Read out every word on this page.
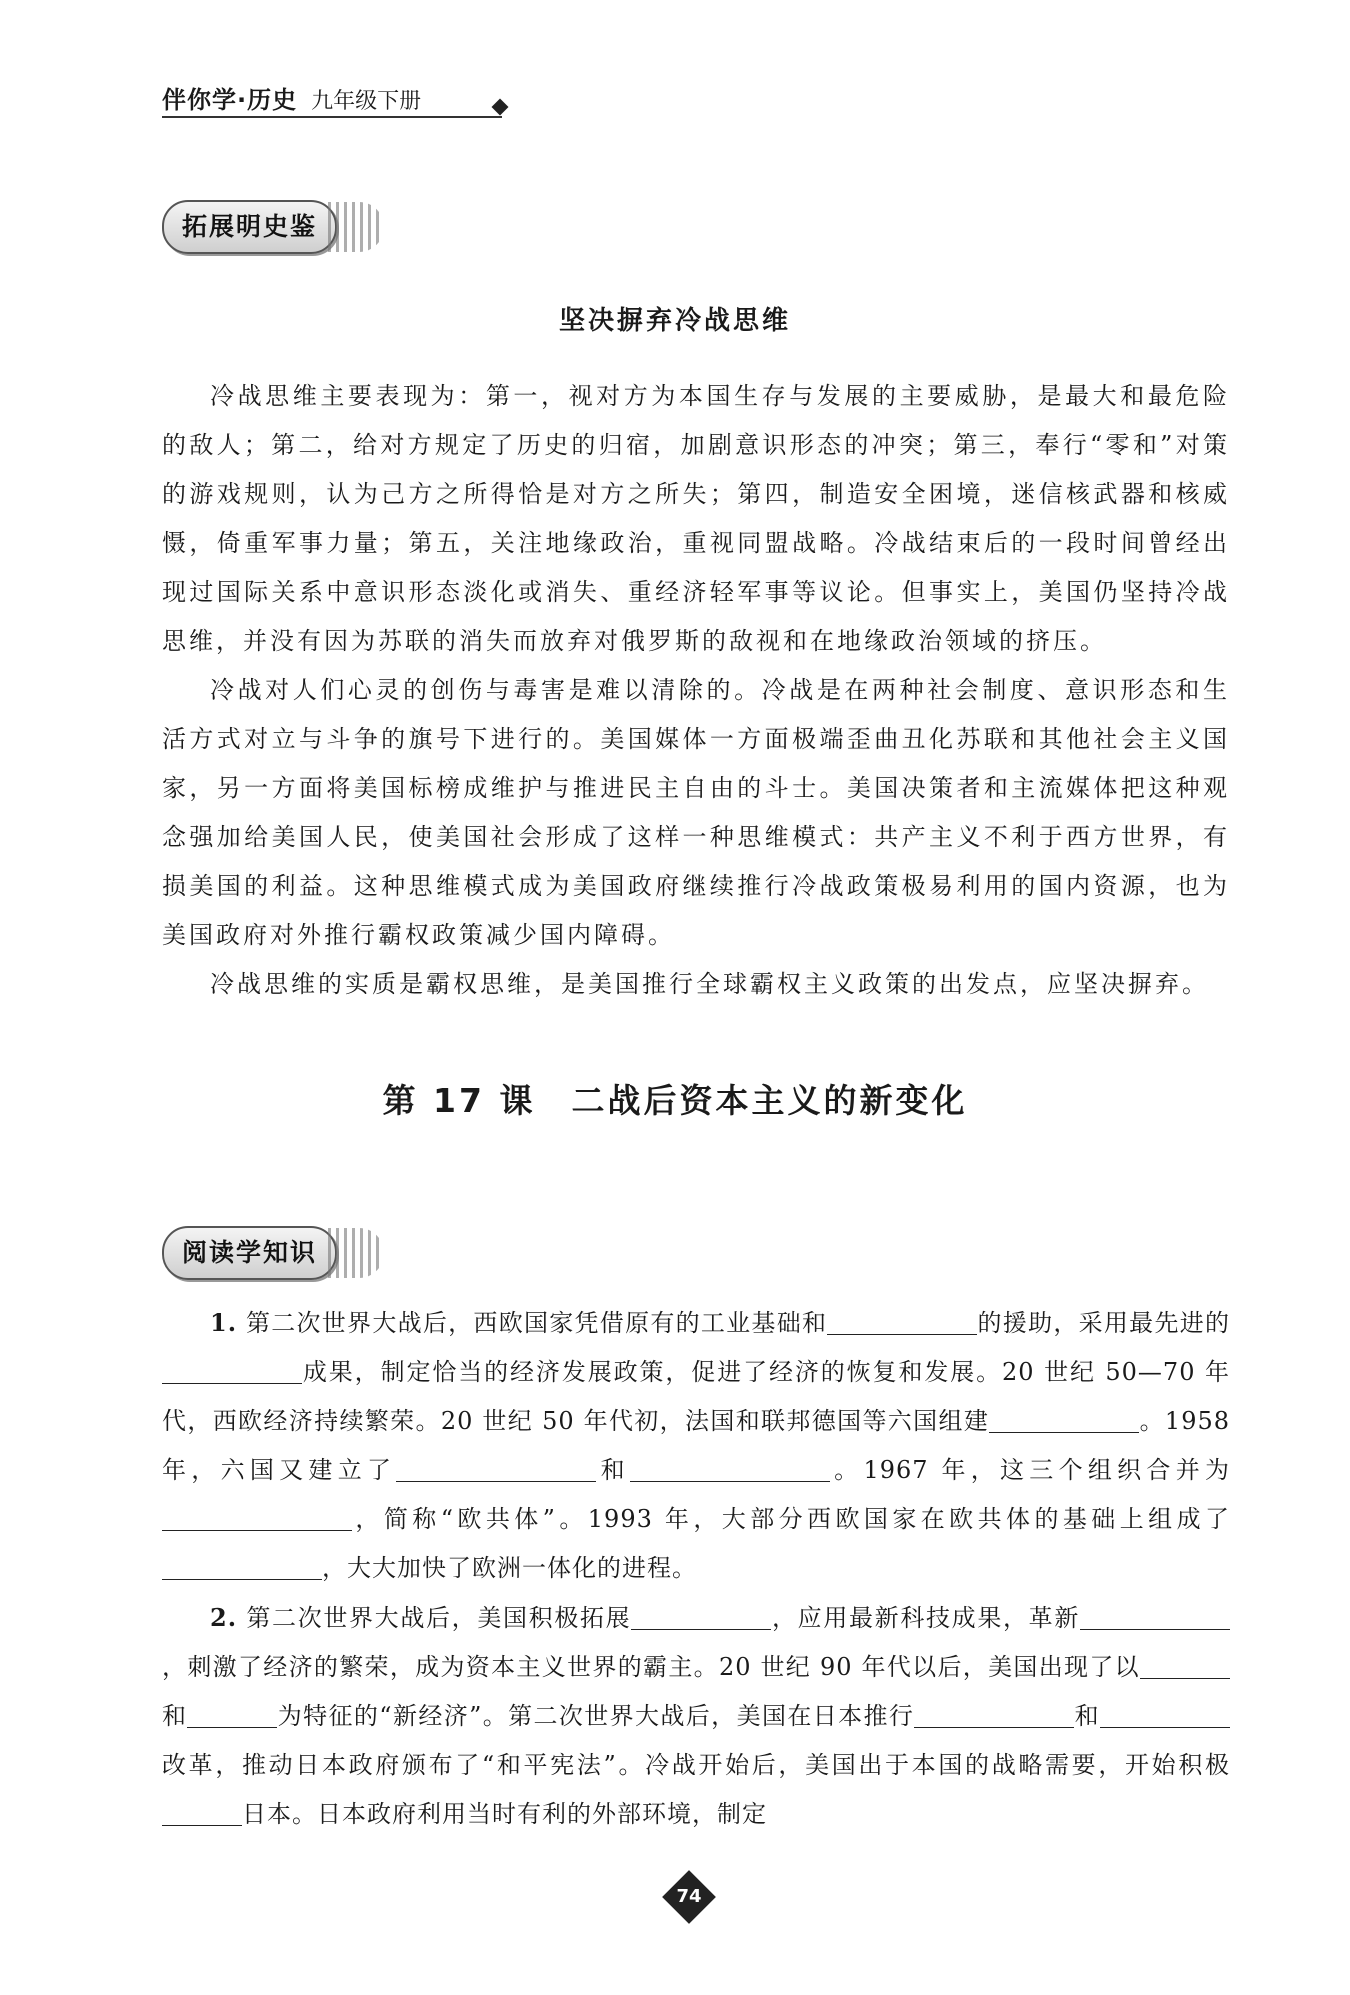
伴你学·历史 九年级下册
拓展明史鉴
坚决摒弃冷战思维

冷战思维主要表现为：第一，视对方为本国生存与发展的主要威胁，是最大和最危险的敌人；第二，给对方规定了历史的归宿，加剧意识形态的冲突；第三，奉行“零和”对策的游戏规则，认为己方之所得恰是对方之所失；第四，制造安全困境，迷信核武器和核威慑，倚重军事力量；第五，关注地缘政治，重视同盟战略。冷战结束后的一段时间曾经出现过国际关系中意识形态淡化或消失、重经济轻军事等议论。但事实上，美国仍坚持冷战思维，并没有因为苏联的消失而放弃对俄罗斯的敌视和在地缘政治领域的挤压。

冷战对人们心灵的创伤与毒害是难以清除的。冷战是在两种社会制度、意识形态和生活方式对立与斗争的旗号下进行的。美国媒体一方面极端歪曲丑化苏联和其他社会主义国家，另一方面将美国标榜成维护与推进民主自由的斗士。美国决策者和主流媒体把这种观念强加给美国人民，使美国社会形成了这样一种思维模式：共产主义不利于西方世界，有损美国的利益。这种思维模式成为美国政府继续推行冷战政策极易利用的国内资源，也为美国政府对外推行霸权政策减少国内障碍。

冷战思维的实质是霸权思维，是美国推行全球霸权主义政策的出发点，应坚决摒弃。

第 17 课　二战后资本主义的新变化
阅读学知识

1. 第二次世界大战后，西欧国家凭借原有的工业基础和	的援助，采用最先进的成果，制定恰当的经济发展政策，促进了经济的恢复和发展。20 世纪 50—70 年代，西欧经济持续繁荣。20 世纪 50 年代初，法国和联邦德国等六国组建	。1958 年，六国又建立了	和	。1967 年，这三个组织合并为，简称“欧共体”。1993 年，大部分西欧国家在欧共体的基础上组成了，大大加快了欧洲一体化的进程。

2. 第二次世界大战后，美国积极拓展	，应用最新科技成果，革新，刺激了经济的繁荣，成为资本主义世界的霸主。20 世纪 90 年代以后，美国出现了以和	为特征的“新经济”。第二次世界大战后，美国在日本推行	和改革，推动日本政府颁布了“和平宪法”。冷战开始后，美国出于本国的战略需要，开始积极日本。日本政府利用当时有利的外部环境，制定

74
